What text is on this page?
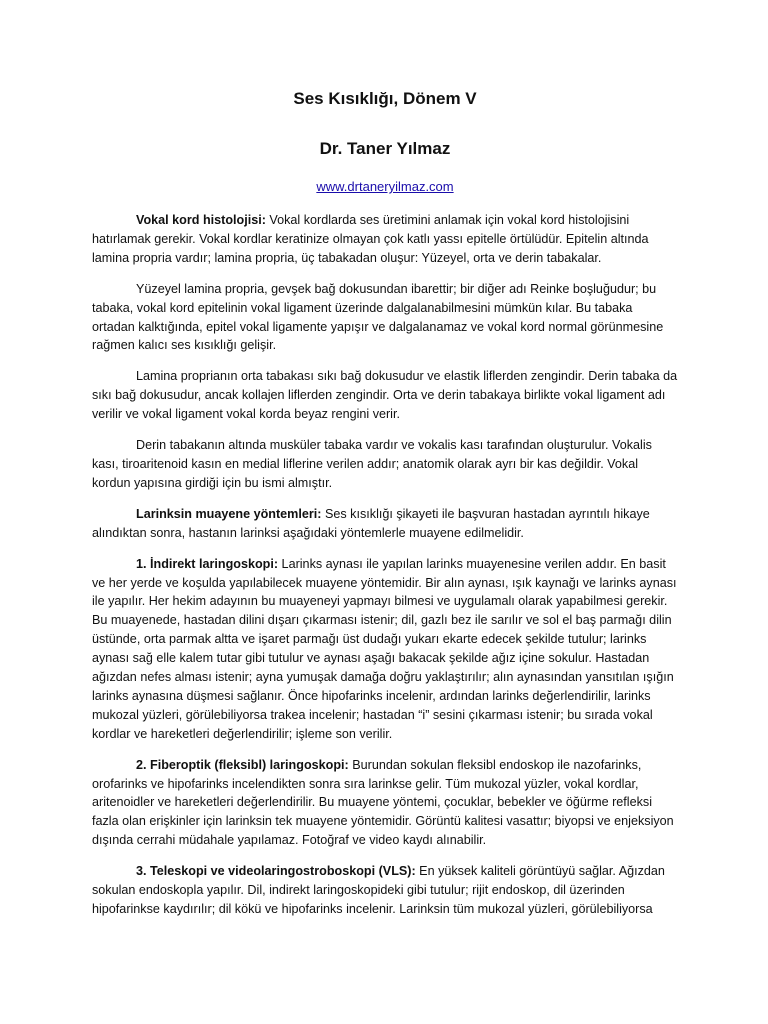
Ses Kısıklığı, Dönem V
Dr. Taner Yılmaz
www.drtaneryilmaz.com

Vokal kord histolojisi: Vokal kordlarda ses üretimini anlamak için vokal kord histolojisini hatırlamak gerekir. Vokal kordlar keratinize olmayan çok katlı yassı epitelle örtülüdür. Epitelin altında lamina propria vardır; lamina propria, üç tabakadan oluşur: Yüzeyel, orta ve derin tabakalar.

Yüzeyel lamina propria, gevşek bağ dokusundan ibarettir; bir diğer adı Reinke boşluğudur; bu tabaka, vokal kord epitelinin vokal ligament üzerinde dalgalanabilmesini mümkün kılar. Bu tabaka ortadan kalktığında, epitel vokal ligamente yapışır ve dalgalanamaz ve vokal kord normal görünmesine rağmen kalıcı ses kısıklığı gelişir.

Lamina proprianın orta tabakası sıkı bağ dokusudur ve elastik liflerden zengindir. Derin tabaka da sıkı bağ dokusudur, ancak kollajen liflerden zengindir. Orta ve derin tabakaya birlikte vokal ligament adı verilir ve vokal ligament vokal korda beyaz rengini verir.

Derin tabakanın altında musküler tabaka vardır ve vokalis kası tarafından oluşturulur. Vokalis kası, tiroaritenoid kasın en medial liflerine verilen addır; anatomik olarak ayrı bir kas değildir. Vokal kordun yapısına girdiği için bu ismi almıştır.

Larinksin muayene yöntemleri: Ses kısıklığı şikayeti ile başvuran hastadan ayrıntılı hikaye alındıktan sonra, hastanın larinksi aşağıdaki yöntemlerle muayene edilmelidir.

1. İndirekt laringoskopi: Larinks aynası ile yapılan larinks muayenesine verilen addır. En basit ve her yerde ve koşulda yapılabilecek muayene yöntemidir. Bir alın aynası, ışık kaynağı ve larinks aynası ile yapılır. Her hekim adayının bu muayeneyi yapmayı bilmesi ve uygulamalı olarak yapabilmesi gerekir. Bu muayenede, hastadan dilini dışarı çıkarması istenir; dil, gazlı bez ile sarılır ve sol el baş parmağı dilin üstünde, orta parmak altta ve işaret parmağı üst dudağı yukarı ekarte edecek şekilde tutulur; larinks aynası sağ elle kalem tutar gibi tutulur ve aynası aşağı bakacak şekilde ağız içine sokulur. Hastadan ağızdan nefes alması istenir; ayna yumuşak damağa doğru yaklaştırılır; alın aynasından yansıtılan ışığın larinks aynasına düşmesi sağlanır. Önce hipofarinks incelenir, ardından larinks değerlendirilir, larinks mukozal yüzleri, görülebiliyorsa trakea incelenir; hastadan “i” sesini çıkarması istenir; bu sırada vokal kordlar ve hareketleri değerlendirilir; işleme son verilir.

2. Fiberoptik (fleksibl) laringoskopi: Burundan sokulan fleksibl endoskop ile nazofarinks, orofarinks ve hipofarinks incelendikten sonra sıra larinkse gelir. Tüm mukozal yüzler, vokal kordlar, aritenoidler ve hareketleri değerlendirilir. Bu muayene yöntemi, çocuklar, bebekler ve öğürme refleksi fazla olan erişkinler için larinksin tek muayene yöntemidir. Görüntü kalitesi vasattır; biyopsi ve enjeksiyon dışında cerrahi müdahale yapılamaz. Fotoğraf ve video kaydı alınabilir.

3. Teleskopi ve videolaringostroboskopi (VLS): En yüksek kaliteli görüntüyü sağlar. Ağızdan sokulan endoskopla yapılır. Dil, indirekt laringoskopideki gibi tutulur; rijit endoskop, dil üzerinden hipofarinkse kaydırılır; dil kökü ve hipofarinks incelenir. Larinksin tüm mukozal yüzleri, görülebiliyorsa
